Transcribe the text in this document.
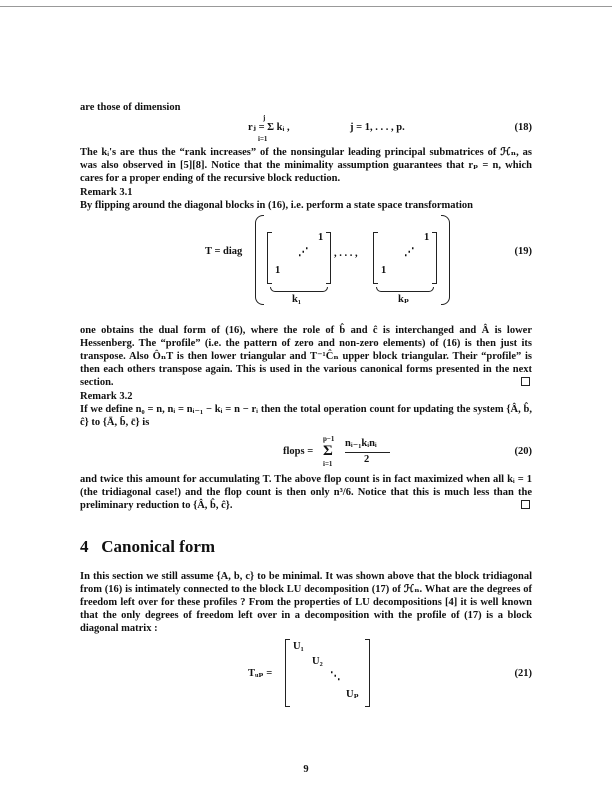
are those of dimension
j
rⱼ = Σ kᵢ ,
i=1
j = 1, . . . , p.	(18)
The kᵢ's are thus the “rank increases” of the nonsingular leading principal submatrices of ℋₙ, as was also observed in [5][8]. Notice that the minimality assumption guarantees that rₚ = n, which cares for a proper ending of the recursive block reduction.
Remark 3.1
By flipping around the diagonal blocks in (16), i.e. perform a state space transformation
T = diag
1
⋰
1
k₁
, . . . ,
1
⋰
1
kₚ
(19)
one obtains the dual form of (16), where the role of b̂ and ĉ is interchanged and Â is lower Hessenberg. The “profile” (i.e. the pattern of zero and non-zero elements) of (16) is then just its transpose. Also ÔₙT is then lower triangular and T⁻¹Ĉₙ upper block triangular. Their “profile” is then each others transpose again. This is used in the various canonical forms presented in the next section.
Remark 3.2
If we define n₀ = n, nᵢ = nᵢ₋₁ − kᵢ = n − rᵢ then the total operation count for updating the system {Â, b̂, ĉ} to {Ā, b̄, c̄} is
flops =
p−1
Σ
i=1
nᵢ₋₁kᵢnᵢ
2
(20)
and twice this amount for accumulating T. The above flop count is in fact maximized when all kᵢ = 1 (the tridiagonal case!) and the flop count is then only n³/6. Notice that this is much less than the preliminary reduction to {Â, b̂, ĉ}.
4 Canonical form
In this section we still assume {A, b, c} to be minimal. It was shown above that the block tridiagonal from (16) is intimately connected to the block LU decomposition (17) of ℋₙ. What are the degrees of freedom left over for these profiles ? From the properties of LU decompositions [4] it is well known that the only degrees of freedom left over in a decomposition with the profile of (17) is a block diagonal matrix :
Tᵤₚ =
U₁
U₂
⋱
Uₚ
(21)
9
